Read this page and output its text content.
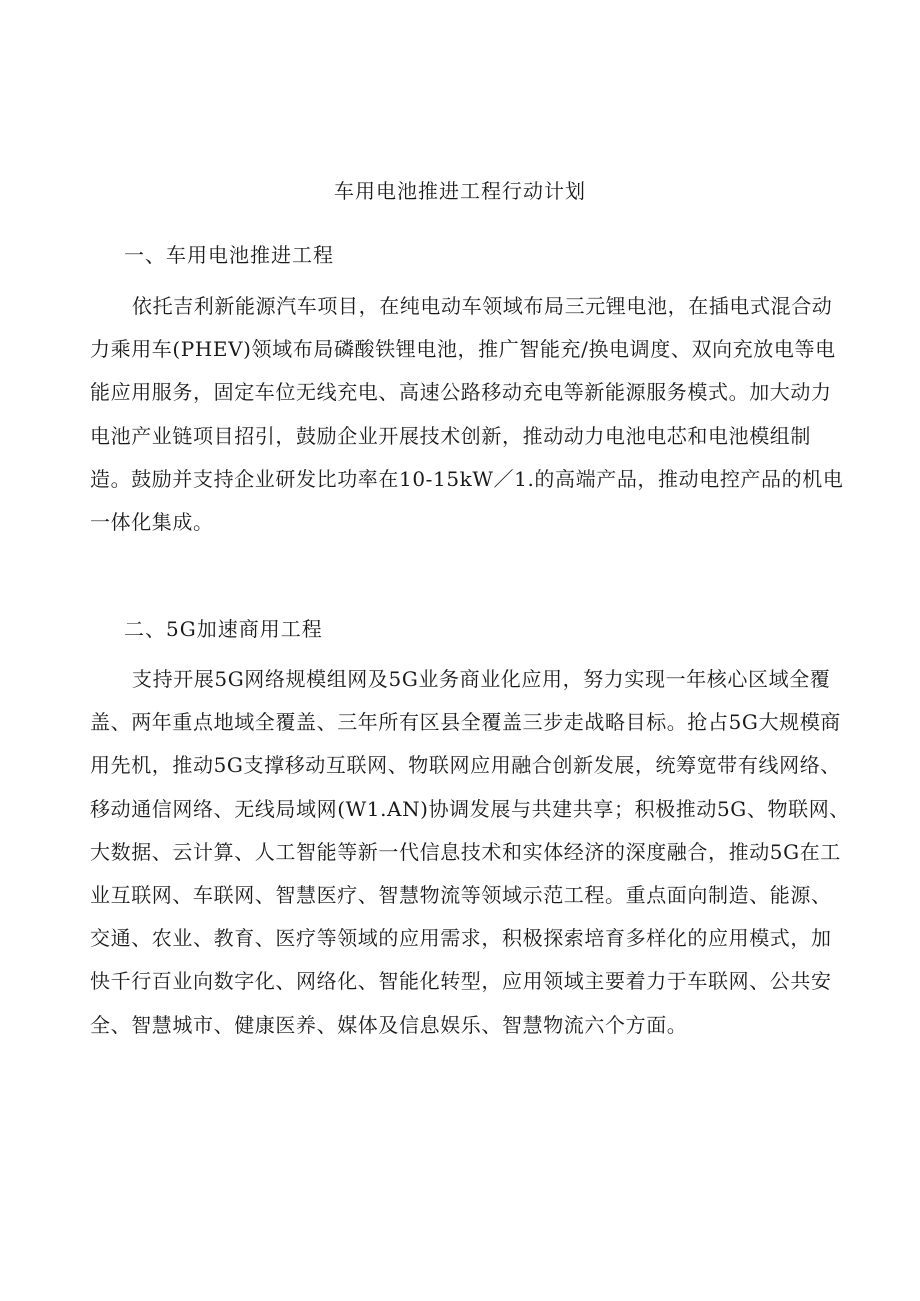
车用电池推进工程行动计划
一、车用电池推进工程

依托吉利新能源汽车项目，在纯电动车领域布局三元锂电池，在插电式混合动力乘用车(PHEV)领域布局磷酸铁锂电池，推广智能充/换电调度、双向充放电等电能应用服务，固定车位无线充电、高速公路移动充电等新能源服务模式。加大动力电池产业链项目招引，鼓励企业开展技术创新，推动动力电池电芯和电池模组制造。鼓励并支持企业研发比功率在10-15kW／1.的高端产品，推动电控产品的机电一体化集成。

二、5G加速商用工程

支持开展5G网络规模组网及5G业务商业化应用，努力实现一年核心区域全覆盖、两年重点地域全覆盖、三年所有区县全覆盖三步走战略目标。抢占5G大规模商用先机，推动5G支撑移动互联网、物联网应用融合创新发展，统筹宽带有线网络、移动通信网络、无线局域网(W1.AN)协调发展与共建共享；积极推动5G、物联网、大数据、云计算、人工智能等新一代信息技术和实体经济的深度融合，推动5G在工业互联网、车联网、智慧医疗、智慧物流等领域示范工程。重点面向制造、能源、交通、农业、教育、医疗等领域的应用需求，积极探索培育多样化的应用模式，加快千行百业向数字化、网络化、智能化转型，应用领域主要着力于车联网、公共安全、智慧城市、健康医养、媒体及信息娱乐、智慧物流六个方面。
